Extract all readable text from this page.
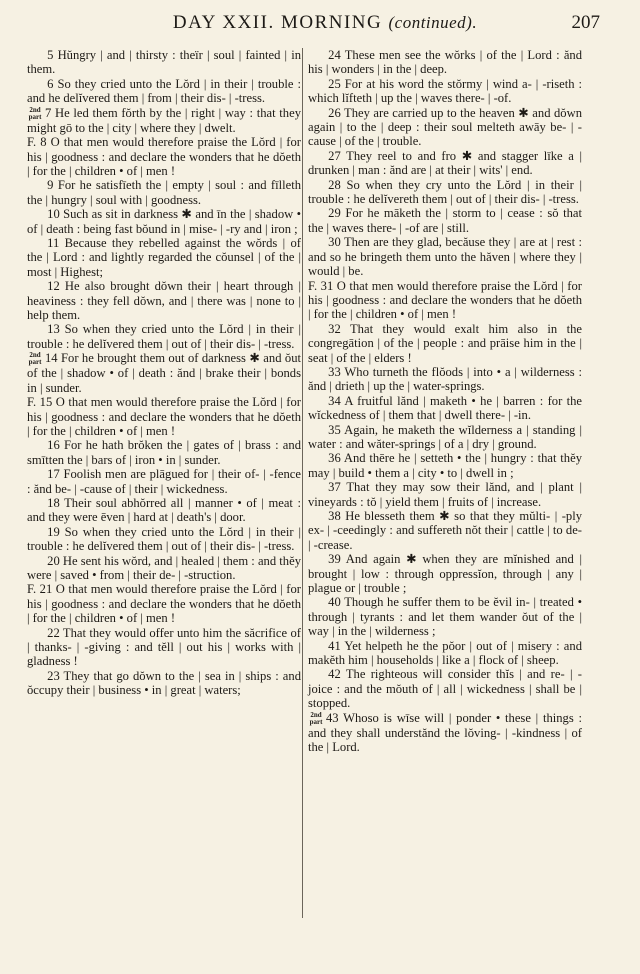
DAY XXII. MORNING (continued).	207

5 Hŭngry | and | thirsty : theïr | soul | fainted | in them.

6 So they cried unto the Lŏrd | in their | trouble : and he delĭvered them | from | their dis- | -tress.

2nd part 7 He led them fŏrth by the | right | way : that they might gō to the | city | where they | dwelt.

F. 8 O that men would therefore praise the Lŏrd | for his | goodness : and declare the wonders that he dŏeth | for the | children • of | men !

9 For he satisfīeth the | empty | soul : and fīlleth the | hungry | soul with | goodness.

10 Such as sit in darkness ✱ and īn the | shadow • of | death : being fast bŏund in | mise- | -ry and | iron ;

11 Because they rebelled against the wŏrds | of the | Lord : and lightly regarded the cŏunsel | of the | most | Highest;

12 He also brought dŏwn their | heart through | heaviness : they fell dŏwn, and | there was | none to | help them.

13 So when they cried unto the Lŏrd | in their | trouble : he delĭvered them | out of | their dis- | -tress.

2nd part 14 For he brought them out of darkness ✱ and ŏut of the | shadow • of | death : ănd | brake their | bonds in | sunder.

F. 15 O that men would therefore praise the Lŏrd | for his | goodness : and declare the wonders that he dŏeth | for the | children • of | men !

16 For he hath brŏken the | gates of | brass : and smītten the | bars of | iron • in | sunder.

17 Foolish men are plāgued for | their of- | -fence : ănd be- | -cause of | their | wickedness.

18 Their soul abhŏrred all | manner • of | meat : and they were ēven | hard at | death's | door.

19 So when they cried unto the Lŏrd | in their | trouble : he delĭvered them | out of | their dis- | -tress.

20 He sent his wŏrd, and | healed | them : and thĕy were | saved • from | their de- | -struction.

F. 21 O that men would therefore praise the Lŏrd | for his | goodness : and declare the wonders that he dŏeth | for the | children • of | men !

22 That they would offer unto him the săcrifice of | thanks- | -giving : and tĕll | out his | works with | gladness !

23 They that go dŏwn to the | sea in | ships : and ŏccupy their | business • in | great | waters;

24 These men see the wŏrks | of the | Lord : ănd his | wonders | in the | deep.

25 For at his word the stŏrmy | wind a- | -riseth : which lĭfteth | up the | waves there- | -of.

26 They are carried up to the heaven ✱ and dŏwn again | to the | deep : their soul melteth awāy be- | -cause | of the | trouble.

27 They reel to and fro ✱ and stagger līke a | drunken | man : ănd are | at their | wits' | end.

28 So when they cry unto the Lŏrd | in their | trouble : he delĭvereth them | out of | their dis- | -tress.

29 For he māketh the | storm to | cease : sŏ that the | waves there- | -of are | still.

30 Then are they glad, becăuse they | are at | rest : and so he bringeth them unto the hăven | where they | would | be.

F. 31 O that men would therefore praise the Lŏrd | for his | goodness : and declare the wonders that he dŏeth | for the | children • of | men !

32 That they would exalt him also in the congregātion | of the | people : and prāise him in the | seat | of the | elders !

33 Who turneth the flŏods | into • a | wilderness : ănd | drieth | up the | water-springs.

34 A fruitful lănd | maketh • he | barren : for the wĭckedness of | them that | dwell there- | -in.

35 Again, he maketh the wĭlderness a | standing | water : and wăter-springs | of a | dry | ground.

36 And thēre he | setteth • the | hungry : that thĕy may | build • them a | city • to | dwell in ;

37 That they may sow their lănd, and | plant | vineyards : tŏ | yield them | fruits of | increase.

38 He blesseth them ✱ so that they mŭlti- | -ply ex- | -ceedingly : and suffereth nŏt their | cattle | to de- | -crease.

39 And again ✱ when they are mĭnished and | brought | low : through oppressĭon, through | any | plague or | trouble ;

40 Though he suffer them to be ĕvil in- | treated • through | tyrants : and let them wander ŏut of the | way | in the | wilderness ;

41 Yet helpeth he the pŏor | out of | misery : and makĕth him | households | like a | flock of | sheep.

42 The righteous will consider thĭs | and re- | -joice : and the mŏuth of | all | wickedness | shall be | stopped.

2nd part 43 Whoso is wīse will | ponder • these | things : and they shall understănd the lŏving- | -kindness | of the | Lord.
